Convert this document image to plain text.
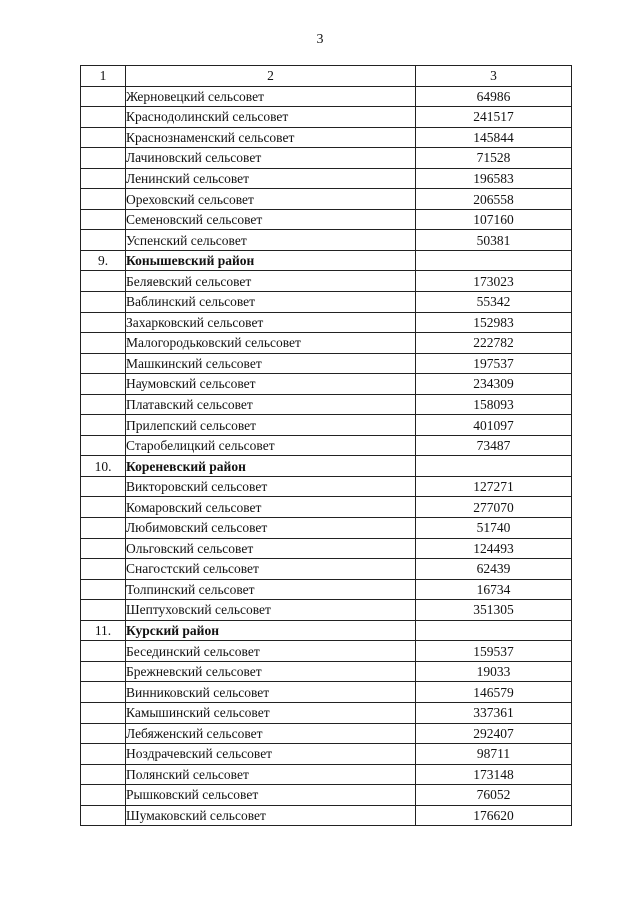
3
1	2	3
	Жерновецкий сельсовет	64986
	Краснодолинский сельсовет	241517
	Краснознаменский сельсовет	145844
	Лачиновский сельсовет	71528
	Ленинский сельсовет	196583
	Ореховский сельсовет	206558
	Семеновский сельсовет	107160
	Успенский сельсовет	50381
9.	Конышевский район	
	Беляевский сельсовет	173023
	Ваблинский сельсовет	55342
	Захарковский сельсовет	152983
	Малогородьковский сельсовет	222782
	Машкинский сельсовет	197537
	Наумовский сельсовет	234309
	Платавский сельсовет	158093
	Прилепский сельсовет	401097
	Старобелицкий сельсовет	73487
10.	Кореневский район	
	Викторовский сельсовет	127271
	Комаровский сельсовет	277070
	Любимовский сельсовет	51740
	Ольговский сельсовет	124493
	Снагостский сельсовет	62439
	Толпинский сельсовет	16734
	Шептуховский сельсовет	351305
11.	Курский район	
	Бесединский сельсовет	159537
	Брежневский сельсовет	19033
	Винниковский сельсовет	146579
	Камышинский сельсовет	337361
	Лебяженский сельсовет	292407
	Ноздрачевский сельсовет	98711
	Полянский сельсовет	173148
	Рышковский сельсовет	76052
	Шумаковский сельсовет	176620
